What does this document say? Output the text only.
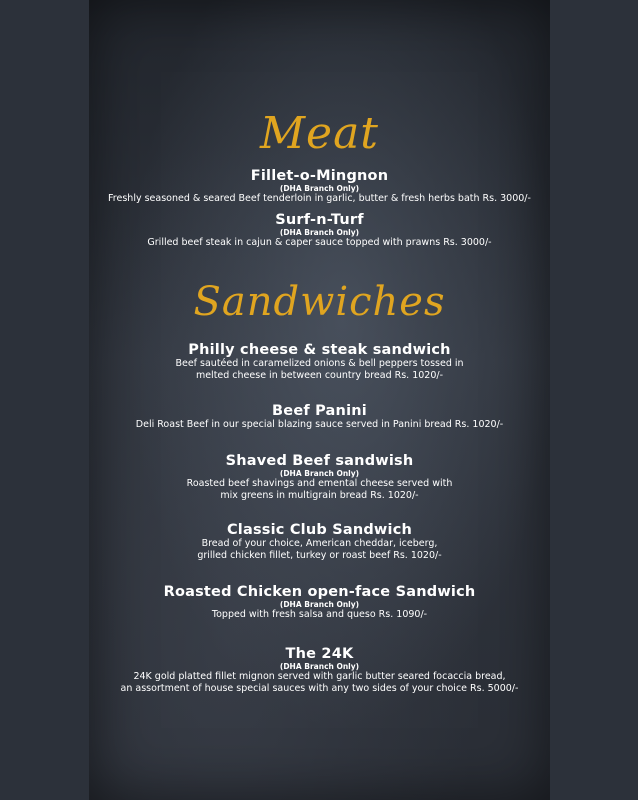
Meat
Fillet-o-Mingnon
(DHA Branch Only)
Freshly seasoned & seared Beef tenderloin in garlic, butter & fresh herbs bath Rs. 3000/-
Surf-n-Turf
(DHA Branch Only)
Grilled beef steak in cajun & caper sauce topped with prawns Rs. 3000/-
Sandwiches
Philly cheese & steak sandwich
Beef sautéed in caramelized onions & bell peppers tossed in
melted cheese in between country bread Rs. 1020/-
Beef Panini
Deli Roast Beef in our special blazing sauce served in Panini bread Rs. 1020/-
Shaved Beef sandwish
(DHA Branch Only)
Roasted beef shavings and emental cheese served with
mix greens in multigrain bread Rs. 1020/-
Classic Club Sandwich
Bread of your choice, American cheddar, iceberg,
grilled chicken fillet, turkey or roast beef Rs. 1020/-
Roasted Chicken open-face Sandwich
(DHA Branch Only)
Topped with fresh salsa and queso Rs. 1090/-
The 24K
(DHA Branch Only)
24K gold platted fillet mignon served with garlic butter seared focaccia bread,
an assortment of house special sauces with any two sides of your choice Rs. 5000/-
